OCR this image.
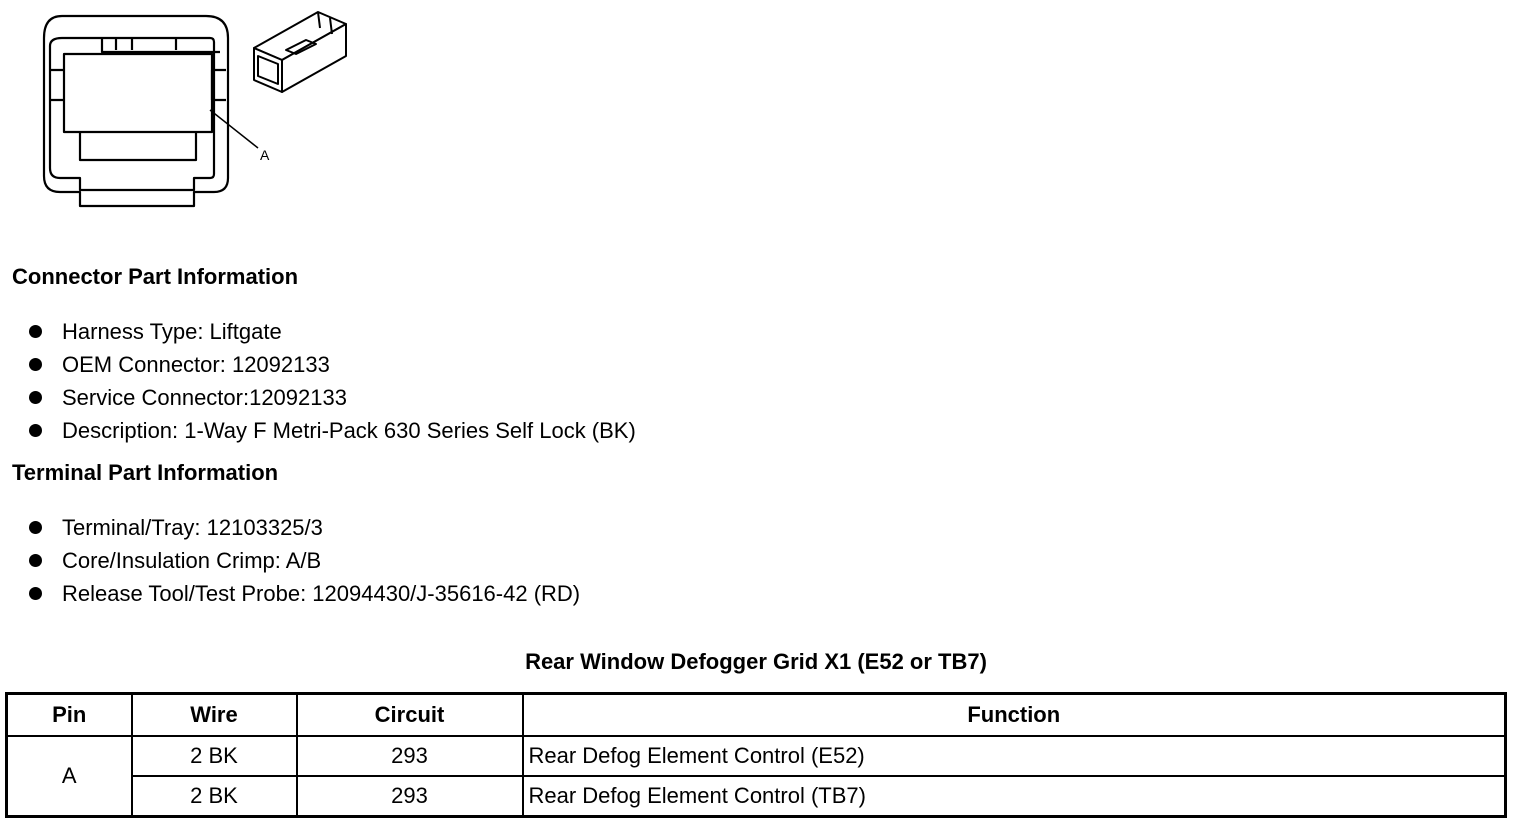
A
Connector Part Information
Harness Type: Liftgate
OEM Connector: 12092133
Service Connector:12092133
Description: 1-Way F Metri-Pack 630 Series Self Lock (BK)
Terminal Part Information
Terminal/Tray: 12103325/3
Core/Insulation Crimp: A/B
Release Tool/Test Probe: 12094430/J-35616-42 (RD)
Rear Window Defogger Grid X1 (E52 or TB7)
Pin	Wire	Circuit	Function
A	2 BK	293	Rear Defog Element Control (E52)
	2 BK	293	Rear Defog Element Control (TB7)
